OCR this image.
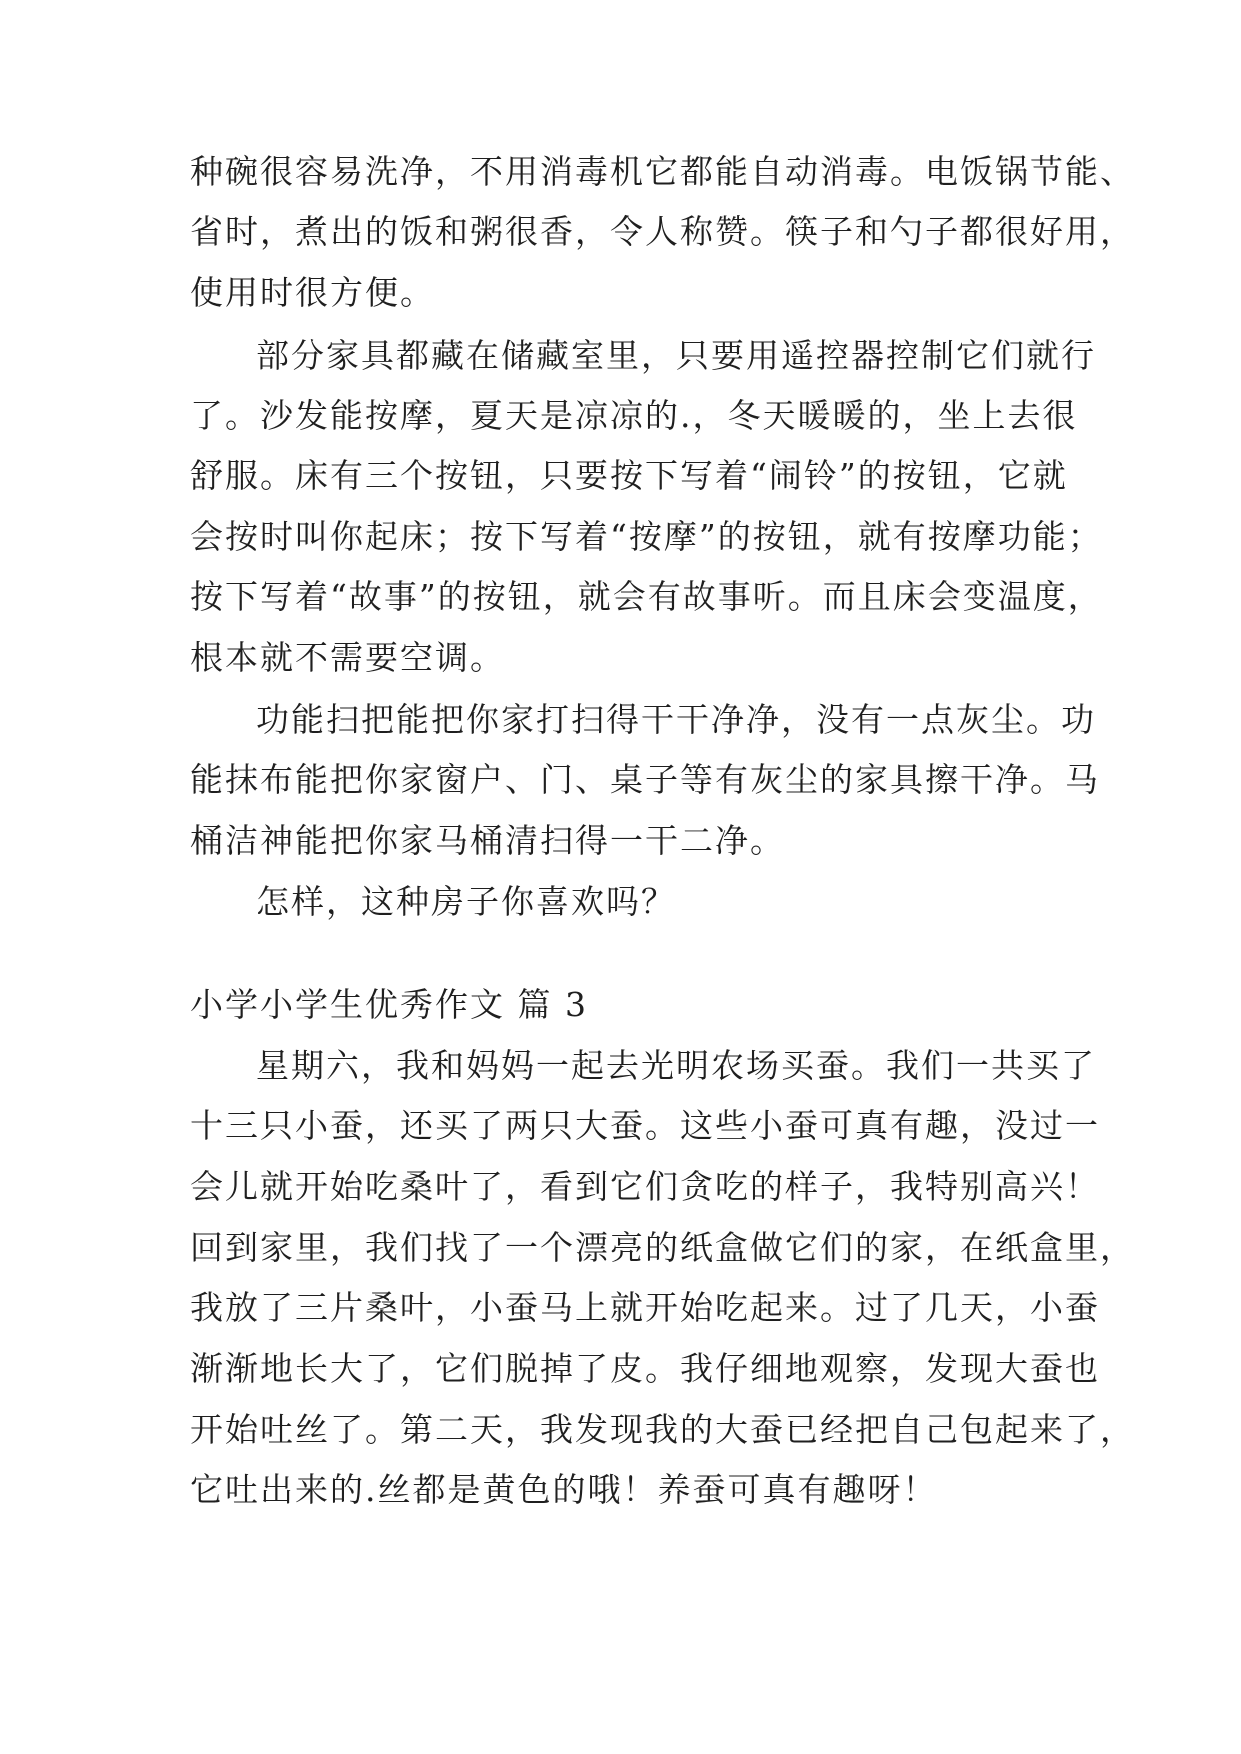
种碗很容易洗净，不用消毒机它都能自动消毒。电饭锅节能、
省时，煮出的饭和粥很香，令人称赞。筷子和勺子都很好用，
使用时很方便。
部分家具都藏在储藏室里，只要用遥控器控制它们就行
了。沙发能按摩，夏天是凉凉的.，冬天暖暖的，坐上去很
舒服。床有三个按钮，只要按下写着“闹铃”的按钮，它就
会按时叫你起床；按下写着“按摩”的按钮，就有按摩功能；
按下写着“故事”的按钮，就会有故事听。而且床会变温度，
根本就不需要空调。
功能扫把能把你家打扫得干干净净，没有一点灰尘。功
能抹布能把你家窗户、门、桌子等有灰尘的家具擦干净。马
桶洁神能把你家马桶清扫得一干二净。
怎样，这种房子你喜欢吗？
小学小学生优秀作文 篇 3
星期六，我和妈妈一起去光明农场买蚕。我们一共买了
十三只小蚕，还买了两只大蚕。这些小蚕可真有趣，没过一
会儿就开始吃桑叶了，看到它们贪吃的样子，我特别高兴！
回到家里，我们找了一个漂亮的纸盒做它们的家，在纸盒里，
我放了三片桑叶，小蚕马上就开始吃起来。过了几天，小蚕
渐渐地长大了，它们脱掉了皮。我仔细地观察，发现大蚕也
开始吐丝了。第二天，我发现我的大蚕已经把自己包起来了，
它吐出来的.丝都是黄色的哦！养蚕可真有趣呀！
